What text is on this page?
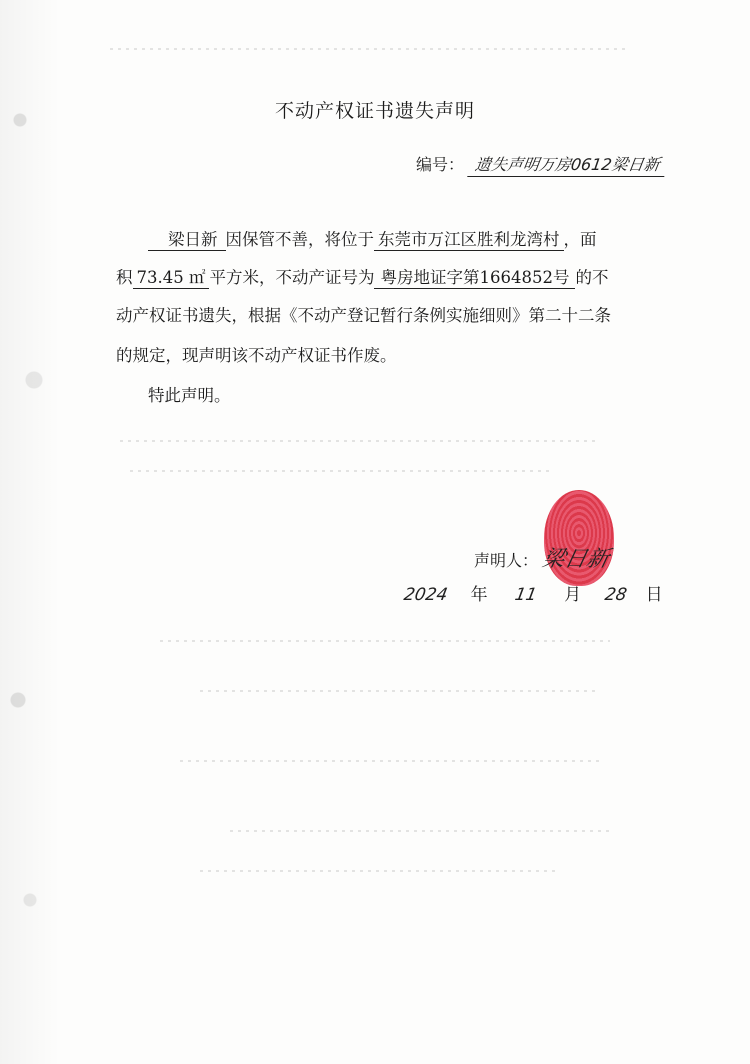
不动产权证书遗失声明
编号： 遗失声明万房0612梁日新
梁日新 因保管不善，将位于 东莞市万江区胜利龙湾村 ，面
积 73.45 ㎡ 平方米，不动产证号为 粤房地证字第1664852号 的不
动产权证书遗失，根据《不动产登记暂行条例实施细则》第二十二条
的规定，现声明该不动产权证书作废。
特此声明。
声明人： 梁日新
2024 年 11 月 28 日
